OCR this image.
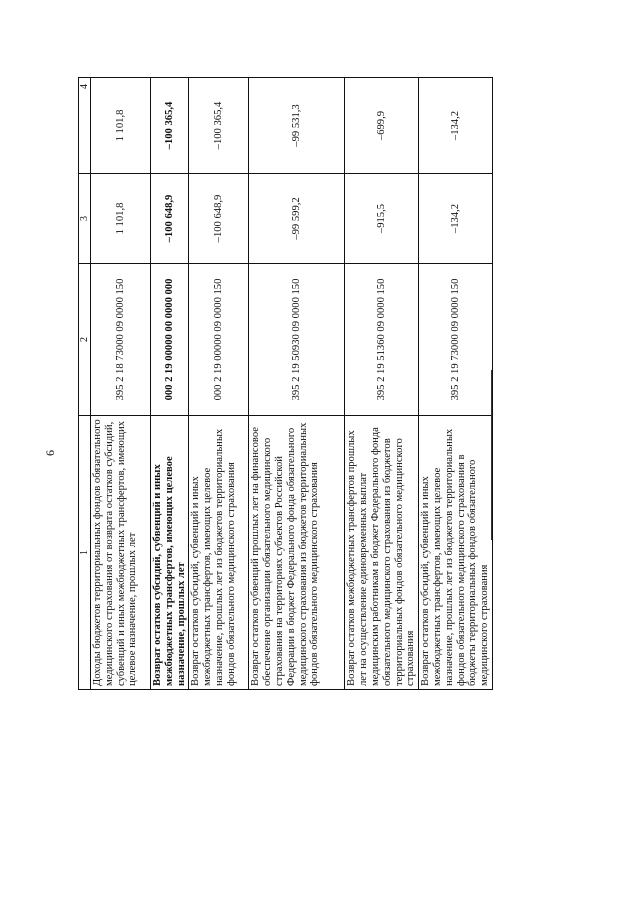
6
1	2	3	4
Доходы бюджетов территориальных фондов обязательного медицинского страхования от возврата остатков субсидий, субвенций и иных межбюджетных трансфертов, имеющих целевое назначение, прошлых лет	395 2 18 73000 09 0000 150	1 101,8	1 101,8
Возврат остатков субсидий, субвенций и иных межбюджетных трансфертов, имеющих целевое назначение, прошлых лет	000 2 19 00000 00 0000 000	–100 648,9	–100 365,4
Возврат остатков субсидий, субвенций и иных межбюджетных трансфертов, имеющих целевое назначение, прошлых лет из бюджетов территориальных фондов обязательного медицинского страхования	000 2 19 00000 09 0000 150	–100 648,9	–100 365,4
Возврат остатков субвенций прошлых лет на финансовое обеспечение организации обязательного медицинского страхования на территориях субъектов Российской Федерации в бюджет Федерального фонда обязательного медицинского страхования из бюджетов территориальных фондов обязательного медицинского страхования	395 2 19 50930 09 0000 150	–99 599,2	–99 531,3
Возврат остатков межбюджетных трансфертов прошлых лет на осуществление единовременных выплат медицинским работникам в бюджет Федерального фонда обязательного медицинского страхования из бюджетов территориальных фондов обязательного медицинского страхования	395 2 19 51360 09 0000 150	–915,5	–699,9
Возврат остатков субсидий, субвенций и иных межбюджетных трансфертов, имеющих целевое назначение, прошлых лет из бюджетов территориальных фондов обязательного медицинского страхования в бюджеты территориальных фондов обязательного медицинского страхования	395 2 19 73000 09 0000 150	–134,2	–134,2
